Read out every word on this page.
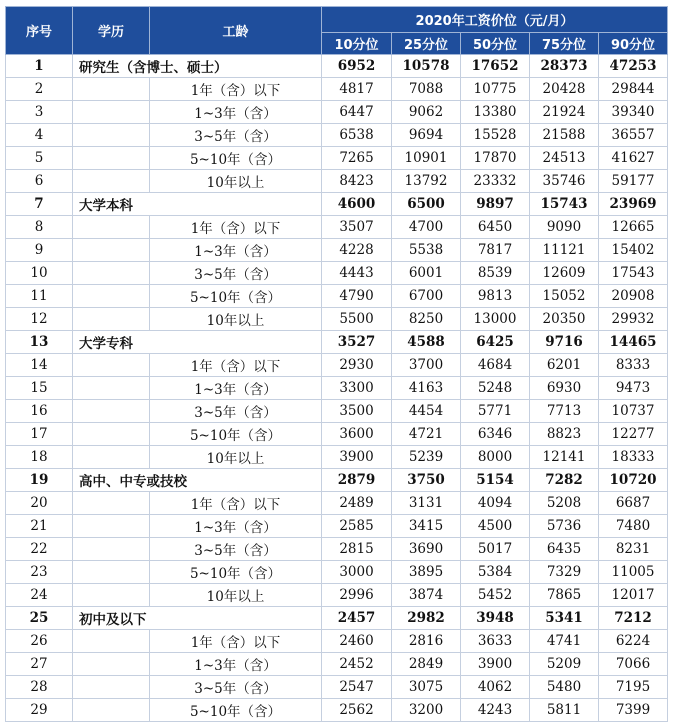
序号	学历	工龄	2020年工资价位（元/月）				
			10分位	25分位	50分位	75分位	90分位
1	研究生（含博士、硕士）		6952	10578	17652	28373	47253
2		1年（含）以下	4817	7088	10775	20428	29844
3		1~3年（含）	6447	9062	13380	21924	39340
4		3~5年（含）	6538	9694	15528	21588	36557
5		5~10年（含）	7265	10901	17870	24513	41627
6		10年以上	8423	13792	23332	35746	59177
7	大学本科		4600	6500	9897	15743	23969
8		1年（含）以下	3507	4700	6450	9090	12665
9		1~3年（含）	4228	5538	7817	11121	15402
10		3~5年（含）	4443	6001	8539	12609	17543
11		5~10年（含）	4790	6700	9813	15052	20908
12		10年以上	5500	8250	13000	20350	29932
13	大学专科		3527	4588	6425	9716	14465
14		1年（含）以下	2930	3700	4684	6201	8333
15		1~3年（含）	3300	4163	5248	6930	9473
16		3~5年（含）	3500	4454	5771	7713	10737
17		5~10年（含）	3600	4721	6346	8823	12277
18		10年以上	3900	5239	8000	12141	18333
19	高中、中专或技校		2879	3750	5154	7282	10720
20		1年（含）以下	2489	3131	4094	5208	6687
21		1~3年（含）	2585	3415	4500	5736	7480
22		3~5年（含）	2815	3690	5017	6435	8231
23		5~10年（含）	3000	3895	5384	7329	11005
24		10年以上	2996	3874	5452	7865	12017
25	初中及以下		2457	2982	3948	5341	7212
26		1年（含）以下	2460	2816	3633	4741	6224
27		1~3年（含）	2452	2849	3900	5209	7066
28		3~5年（含）	2547	3075	4062	5480	7195
29		5~10年（含）	2562	3200	4243	5811	7399
